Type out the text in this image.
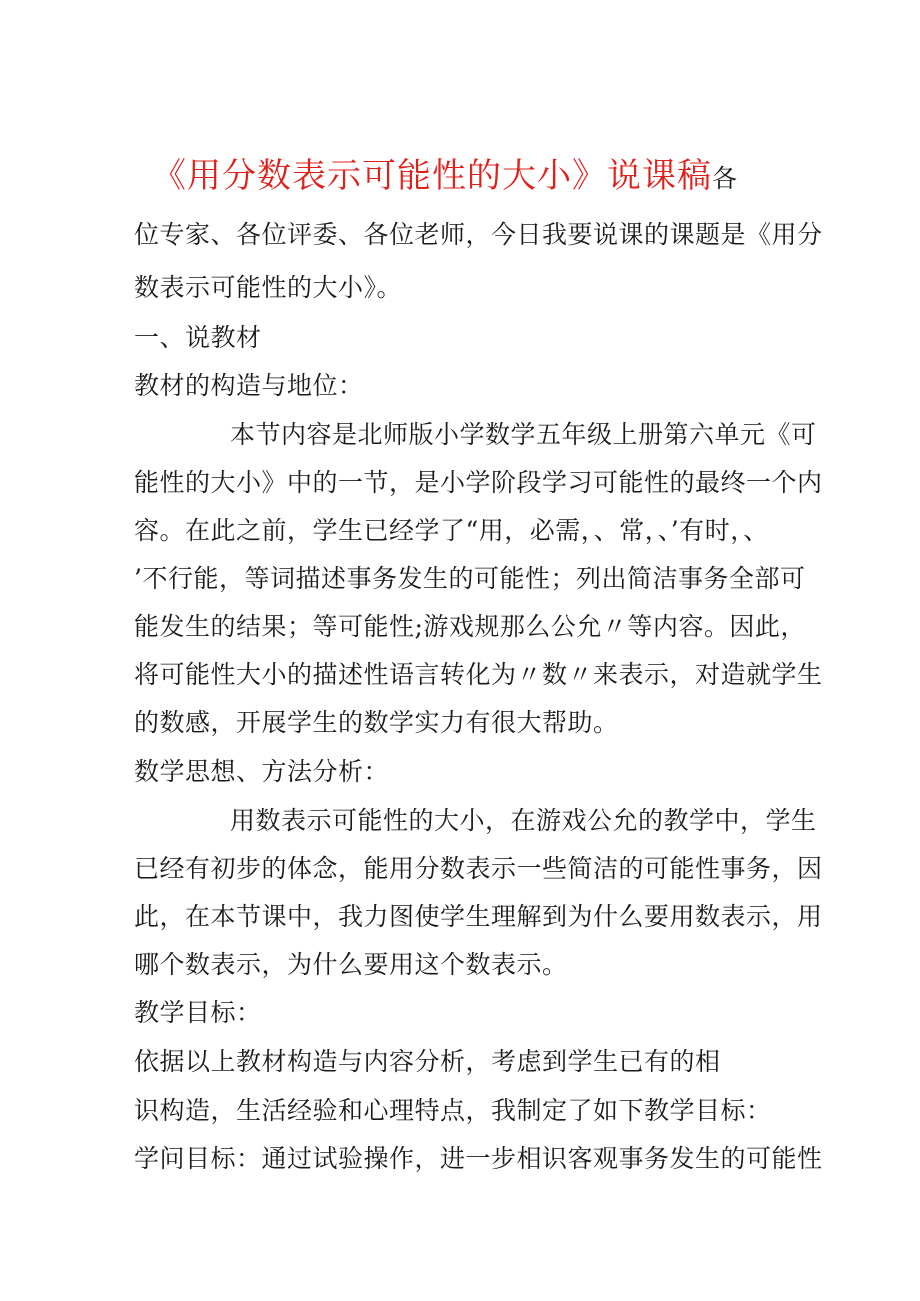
《用分数表示可能性的大小》说课稿各
位专家、各位评委、各位老师，今日我要说课的课题是《用分
数表示可能性的大小》。
一、说教材
教材的构造与地位：
本节内容是北师版小学数学五年级上册第六单元《可
能性的大小》中的一节，是小学阶段学习可能性的最终一个内
容。在此之前，学生已经学了“用，必需，、常，、’有时，、
’不行能，等词描述事务发生的可能性；列出简洁事务全部可
能发生的结果；等可能性;游戏规那么公允〃等内容。因此，
将可能性大小的描述性语言转化为〃数〃来表示，对造就学生
的数感，开展学生的数学实力有很大帮助。
数学思想、方法分析：
用数表示可能性的大小，在游戏公允的教学中，学生
已经有初步的体念，能用分数表示一些简洁的可能性事务，因
此，在本节课中，我力图使学生理解到为什么要用数表示，用
哪个数表示，为什么要用这个数表示。
教学目标：
依据以上教材构造与内容分析，考虑到学生已有的相
识构造，生活经验和心理特点，我制定了如下教学目标：
学问目标：通过试验操作，进一步相识客观事务发生的可能性
